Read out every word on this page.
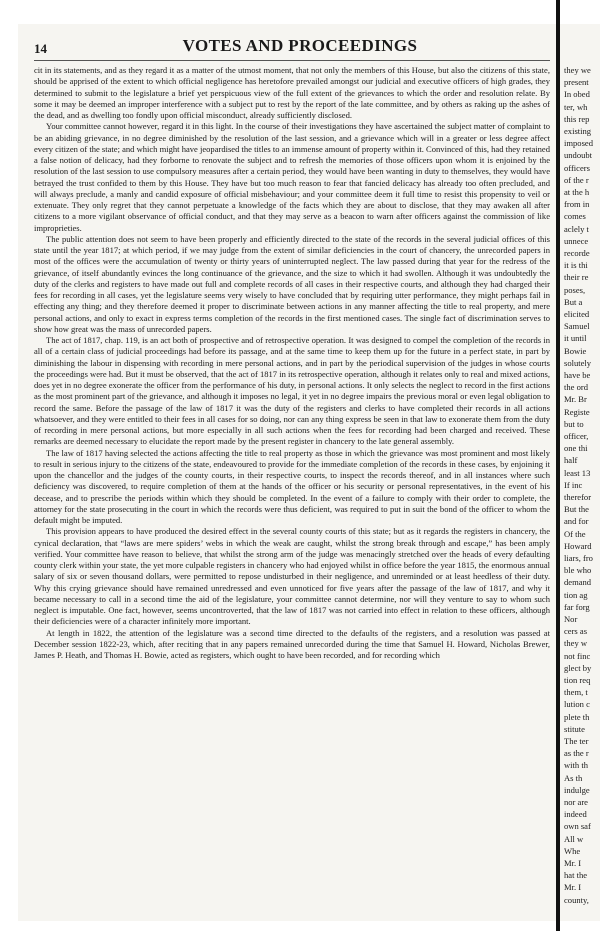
14	VOTES AND PROCEEDINGS

cit in its statements, and as they regard it as a matter of the utmost moment, that not only the members of this House, but also the citizens of this state, should be apprised of the extent to which official negligence has heretofore prevailed amongst our judicial and executive officers of high grades, they determined to submit to the legislature a brief yet perspicuous view of the full extent of the grievances to which the order and resolution relate. By some it may be deemed an improper interference with a subject put to rest by the report of the late committee, and by others as raking up the ashes of the dead, and as dwelling too fondly upon official misconduct, already sufficiently disclosed.

Your committee cannot however, regard it in this light. In the course of their investigations they have ascertained the subject matter of complaint to be an abiding grievance, in no degree diminished by the resolution of the last session, and a grievance which will in a greater or less degree affect every citizen of the state; and which might have jeopardised the titles to an immense amount of property within it. Convinced of this, had they retained a false notion of delicacy, had they forborne to renovate the subject and to refresh the memories of those officers upon whom it is enjoined by the resolution of the last session to use compulsory measures after a certain period, they would have been wanting in duty to themselves, they would have betrayed the trust confided to them by this House. They have but too much reason to fear that fancied delicacy has already too often precluded, and will always preclude, a manly and candid exposure of official misbehaviour; and your committee deem it full time to resist this propensity to veil or extenuate. They only regret that they cannot perpetuate a knowledge of the facts which they are about to disclose, that they may awaken all after citizens to a more vigilant observance of official conduct, and that they may serve as a beacon to warn after officers against the commission of like improprieties.

The public attention does not seem to have been properly and efficiently directed to the state of the records in the several judicial offices of this state until the year 1817; at which period, if we may judge from the extent of similar deficiencies in the court of chancery, the unrecorded papers in most of the offices were the accumulation of twenty or thirty years of uninterrupted neglect. The law passed during that year for the redress of the grievance, of itself abundantly evinces the long continuance of the grievance, and the size to which it had swollen. Although it was undoubtedly the duty of the clerks and registers to have made out full and complete records of all cases in their respective courts, and although they had charged their fees for recording in all cases, yet the legislature seems very wisely to have concluded that by requiring utter performance, they might perhaps fail in effecting any thing; and they therefore deemed it proper to discriminate between actions in any manner affecting the title to real property, and mere personal actions, and only to exact in express terms completion of the records in the first mentioned cases. The single fact of discrimination serves to show how great was the mass of unrecorded papers.

The act of 1817, chap. 119, is an act both of prospective and of retrospective operation. It was designed to compel the completion of the records in all of a certain class of judicial proceedings had before its passage, and at the same time to keep them up for the future in a perfect state, in part by diminishing the labour in dispensing with recording in mere personal actions, and in part by the periodical supervision of the judges in whose courts the proceedings were had. But it must be observed, that the act of 1817 in its retrospective operation, although it relates only to real and mixed actions, does yet in no degree exonerate the officer from the performance of his duty, in personal actions. It only selects the neglect to record in the first actions as the most prominent part of the grievance, and although it imposes no legal, it yet in no degree impairs the previous moral or even legal obligation to record the same. Before the passage of the law of 1817 it was the duty of the registers and clerks to have completed their records in all actions whatsoever, and they were entitled to their fees in all cases for so doing, nor can any thing express be seen in that law to exonerate them from the duty of recording in mere personal actions, but more especially in all such actions when the fees for recording had been charged and received. These remarks are deemed necessary to elucidate the report made by the present register in chancery to the late general assembly.

The law of 1817 having selected the actions affecting the title to real property as those in which the grievance was most prominent and most likely to result in serious injury to the citizens of the state, endeavoured to provide for the immediate completion of the records in these cases, by enjoining it upon the chancellor and the judges of the county courts, in their respective courts, to inspect the records thereof, and in all instances where such deficiency was discovered, to require completion of them at the hands of the officer or his security or personal representatives, in the event of his decease, and to prescribe the periods within which they should be completed. In the event of a failure to comply with their order to complete, the attorney for the state prosecuting in the court in which the records were thus deficient, was required to put in suit the bond of the officer to whom the default might be imputed.

This provision appears to have produced the desired effect in the several county courts of this state; but as it regards the registers in chancery, the cynical declaration, that “laws are mere spiders’ webs in which the weak are caught, whilst the strong break through and escape,” has been amply verified. Your committee have reason to believe, that whilst the strong arm of the judge was menacingly stretched over the heads of every defaulting county clerk within your state, the yet more culpable registers in chancery who had enjoyed whilst in office before the year 1815, the enormous annual salary of six or seven thousand dollars, were permitted to repose undisturbed in their negligence, and unreminded or at least heedless of their duty. Why this crying grievance should have remained unredressed and even unnoticed for five years after the passage of the law of 1817, and why it became necessary to call in a second time the aid of the legislature, your committee cannot determine, nor will they venture to say to whom such neglect is imputable. One fact, however, seems uncontroverted, that the law of 1817 was not carried into effect in relation to these officers, although their deficiencies were of a character infinitely more important.

At length in 1822, the attention of the legislature was a second time directed to the defaults of the registers, and a resolution was passed at December session 1822-23, which, after reciting that in any papers remained unrecorded during the time that Samuel H. Howard, Nicholas Brewer, James P. Heath, and Thomas H. Bowie, acted as registers, which ought to have been recorded, and for recording which

they we
present
In obed
ter, wh
this rep
existing
imposed
undoubt
officers
of the r
at the h
from in
comes
aclely t
unnece
recorde
it is thi
their re
poses,
But a
elicited
Samuel
it until
Bowie
solutely
have be
the ord
Mr. Br
Registe
but to
officer,
one thi
half
least 13
If inc
therefor
But the
and for
Of the
Howard
liars, fro
ble who
demand
tion ag
far forg
Nor
cers as
they w
not finc
glect by
tion req
them, t
lution c
plete th
stitute
The ter
as the r
with th
As th
indulge
nor are
indeed
own saf
All w
Whe
Mr. I
hat the
Mr. I
county,
